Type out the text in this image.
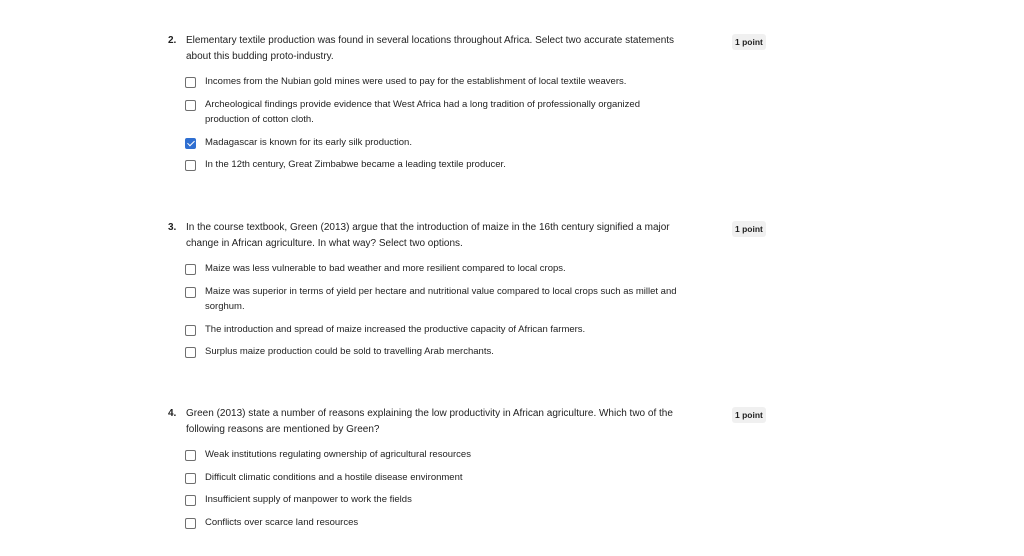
2. Elementary textile production was found in several locations throughout Africa. Select two accurate statements about this budding proto-industry.
1 point
Incomes from the Nubian gold mines were used to pay for the establishment of local textile weavers.
Archeological findings provide evidence that West Africa had a long tradition of professionally organized production of cotton cloth.
Madagascar is known for its early silk production.
In the 12th century, Great Zimbabwe became a leading textile producer.
3. In the course textbook, Green (2013) argue that the introduction of maize in the 16th century signified a major change in African agriculture. In what way? Select two options.
1 point
Maize was less vulnerable to bad weather and more resilient compared to local crops.
Maize was superior in terms of yield per hectare and nutritional value compared to local crops such as millet and sorghum.
The introduction and spread of maize increased the productive capacity of African farmers.
Surplus maize production could be sold to travelling Arab merchants.
4. Green (2013) state a number of reasons explaining the low productivity in African agriculture. Which two of the following reasons are mentioned by Green?
1 point
Weak institutions regulating ownership of agricultural resources
Difficult climatic conditions and a hostile disease environment
Insufficient supply of manpower to work the fields
Conflicts over scarce land resources
